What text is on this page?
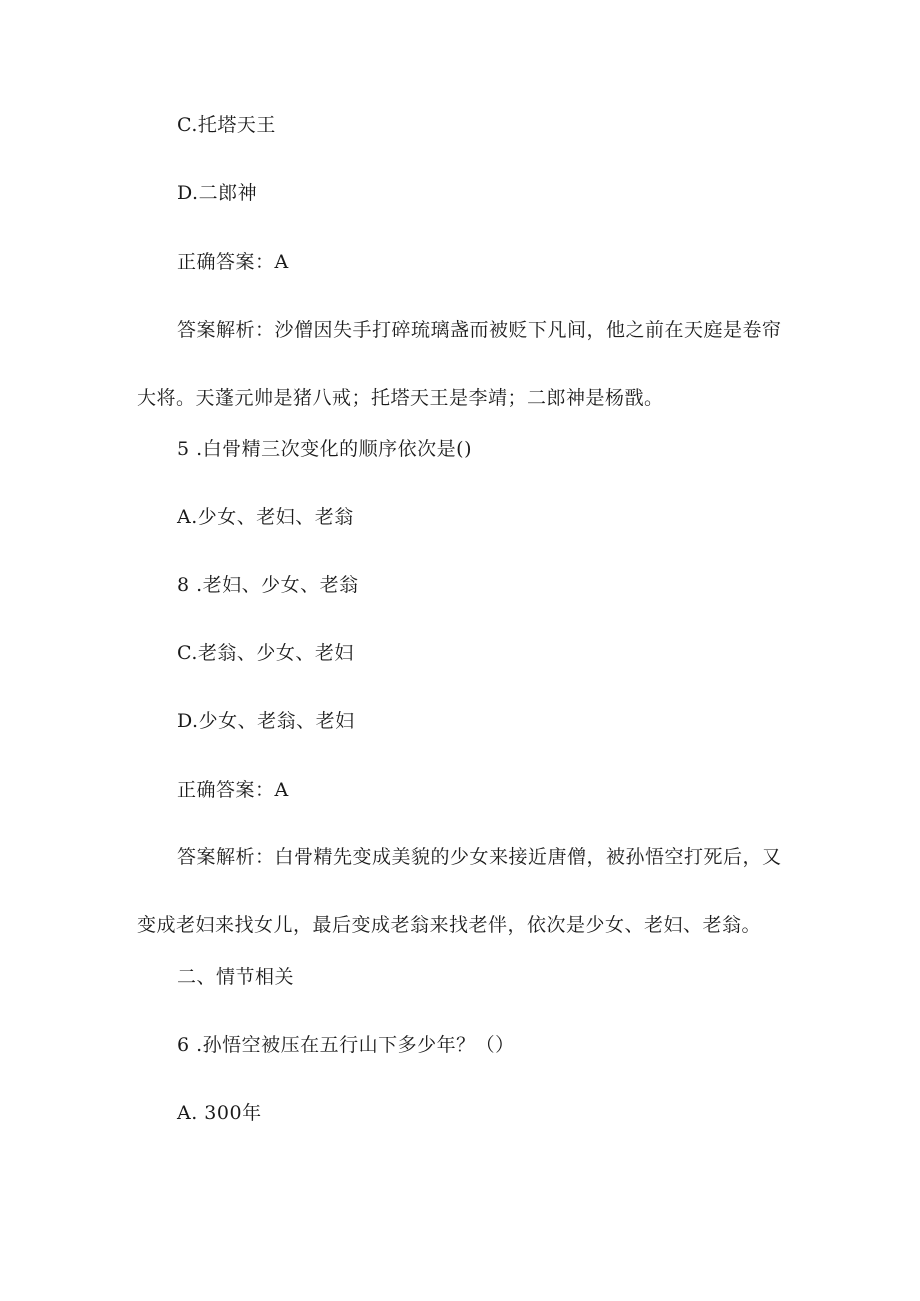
C.托塔天王
D.二郎神
正确答案：A
答案解析：沙僧因失手打碎琉璃盏而被贬下凡间，他之前在天庭是卷帘大将。天蓬元帅是猪八戒；托塔天王是李靖；二郎神是杨戬。
5 .白骨精三次变化的顺序依次是()
A.少女、老妇、老翁
8 .老妇、少女、老翁
C.老翁、少女、老妇
D.少女、老翁、老妇
正确答案：A
答案解析：白骨精先变成美貌的少女来接近唐僧，被孙悟空打死后，又变成老妇来找女儿，最后变成老翁来找老伴，依次是少女、老妇、老翁。
二、情节相关
6 .孙悟空被压在五行山下多少年？（）
A. 300年
